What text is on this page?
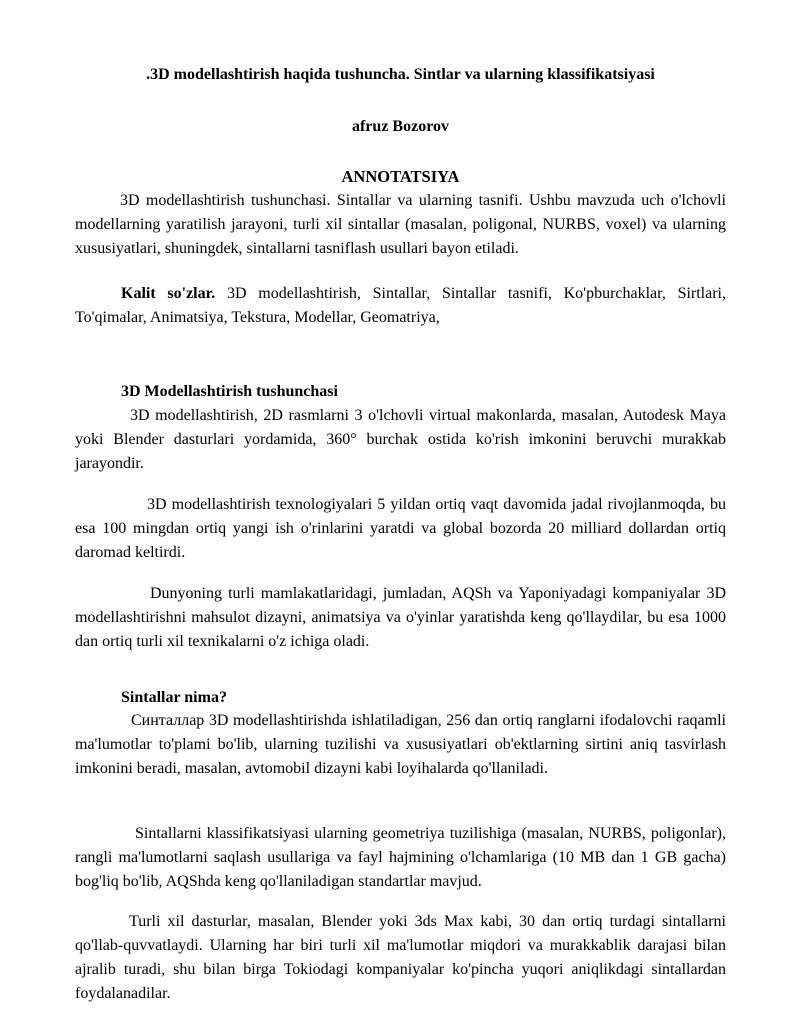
.3D modellashtirish haqida tushuncha. Sintlar va ularning klassifikatsiyasi
afruz Bozorov
ANNOTATSIYA

3D modellashtirish tushunchasi. Sintallar va ularning tasnifi. Ushbu mavzuda uch o'lchovli modellarning yaratilish jarayoni, turli xil sintallar (masalan, poligonal, NURBS, voxel) va ularning xususiyatlari, shuningdek, sintallarni tasniflash usullari bayon etiladi.

Kalit so'zlar. 3D modellashtirish, Sintallar, Sintallar tasnifi, Ko'pburchaklar, Sirtlari, To'qimalar, Animatsiya, Tekstura, Modellar, Geomatriya,

3D Modellashtirish tushunchasi

3D modellashtirish, 2D rasmlarni 3 o'lchovli virtual makonlarda, masalan, Autodesk Maya yoki Blender dasturlari yordamida, 360° burchak ostida ko'rish imkonini beruvchi murakkab jarayondir.

3D modellashtirish texnologiyalari 5 yildan ortiq vaqt davomida jadal rivojlanmoqda, bu esa 100 mingdan ortiq yangi ish o'rinlarini yaratdi va global bozorda 20 milliard dollardan ortiq daromad keltirdi.

Dunyoning turli mamlakatlaridagi, jumladan, AQSh va Yaponiyadagi kompaniyalar 3D modellashtirishni mahsulot dizayni, animatsiya va o'yinlar yaratishda keng qo'llaydilar, bu esa 1000 dan ortiq turli xil texnikalarni o'z ichiga oladi.

Sintallar nima?

Синталлар 3D modellashtirishda ishlatiladigan, 256 dan ortiq ranglarni ifodalovchi raqamli ma'lumotlar to'plami bo'lib, ularning tuzilishi va xususiyatlari ob'ektlarning sirtini aniq tasvirlash imkonini beradi, masalan, avtomobil dizayni kabi loyihalarda qo'llaniladi.

Sintallarni klassifikatsiyasi ularning geometriya tuzilishiga (masalan, NURBS, poligonlar), rangli ma'lumotlarni saqlash usullariga va fayl hajmining o'lchamlariga (10 MB dan 1 GB gacha) bog'liq bo'lib, AQShda keng qo'llaniladigan standartlar mavjud.

Turli xil dasturlar, masalan, Blender yoki 3ds Max kabi, 30 dan ortiq turdagi sintallarni qo'llab-quvvatlaydi. Ularning har biri turli xil ma'lumotlar miqdori va murakkablik darajasi bilan ajralib turadi, shu bilan birga Tokiodagi kompaniyalar ko'pincha yuqori aniqlikdagi sintallardan foydalanadilar.
